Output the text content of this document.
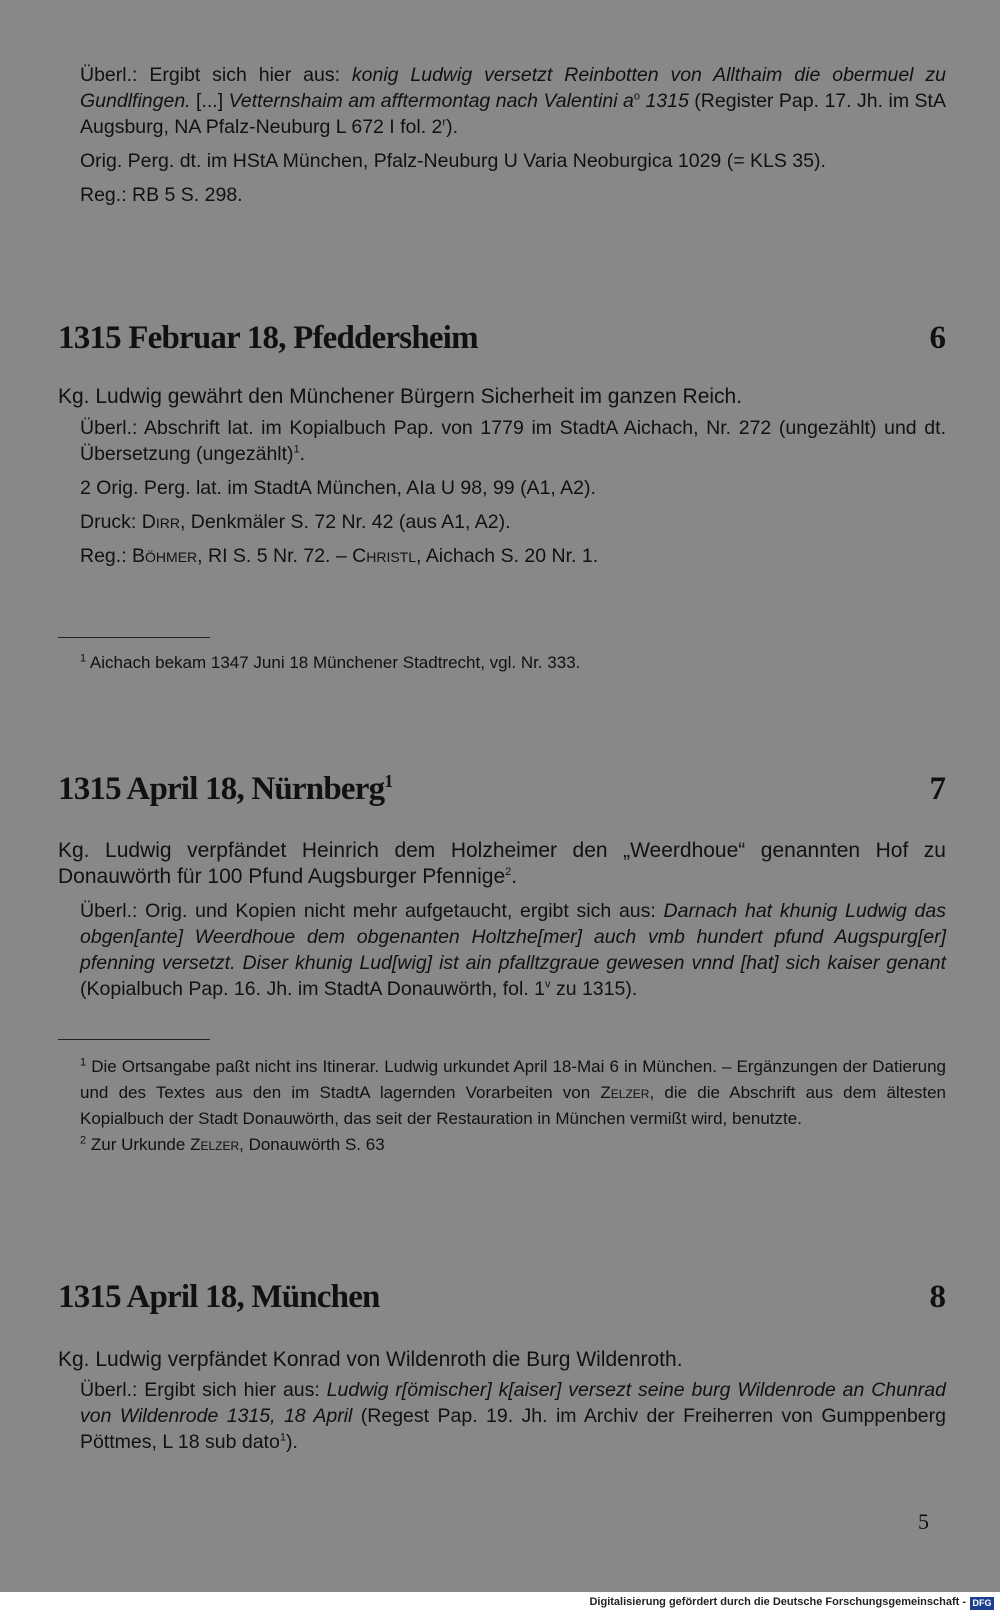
Überl.: Ergibt sich hier aus: konig Ludwig versetzt Reinbotten von Allthaim die obermuel zu Gundlfingen. [...] Vetternshaim am afftermontag nach Valentini $a^o$ 1315 (Register Pap. 17. Jh. im StA Augsburg, NA Pfalz-Neuburg L 672 I fol. 2$^r$).

Orig. Perg. dt. im HStA München, Pfalz-Neuburg U Varia Neoburgica 1029 (= KLS 35).

Reg.: RB 5 S. 298.

1315 Februar 18, Pfeddersheim	6

Kg. Ludwig gewährt den Münchener Bürgern Sicherheit im ganzen Reich.

Überl.: Abschrift lat. im Kopialbuch Pap. von 1779 im StadtA Aichach, Nr. 272 (ungezählt) und dt. Übersetzung (ungezählt)$^1$.

2 Orig. Perg. lat. im StadtA München, AIa U 98, 99 (A1, A2).

Druck: Dirr, Denkmäler S. 72 Nr. 42 (aus A1, A2).

Reg.: Böhmer, RI S. 5 Nr. 72. – Christl, Aichach S. 20 Nr. 1.

$^1$ Aichach bekam 1347 Juni 18 Münchener Stadtrecht, vgl. Nr. 333.

1315 April 18, Nürnberg$^1$	7

Kg. Ludwig verpfändet Heinrich dem Holzheimer den „Weerdhoue“ genannten Hof zu Donauwörth für 100 Pfund Augsburger Pfennige$^2$.

Überl.: Orig. und Kopien nicht mehr aufgetaucht, ergibt sich aus: Darnach hat khunig Ludwig das obgen[ante] Weerdhoue dem obgenanten Holtzhe[mer] auch vmb hundert pfund Augspurg[er] pfenning versetzt. Diser khunig Lud[wig] ist ain pfalltzgraue gewesen vnnd [hat] sich kaiser genant (Kopialbuch Pap. 16. Jh. im StadtA Donauwörth, fol. 1$^v$ zu 1315).

$^1$ Die Ortsangabe paßt nicht ins Itinerar. Ludwig urkundet April 18-Mai 6 in München. – Ergänzungen der Datierung und des Textes aus den im StadtA lagernden Vorarbeiten von Zelzer, die die Abschrift aus dem ältesten Kopialbuch der Stadt Donauwörth, das seit der Restauration in München vermißt wird, benutzte.

$^2$ Zur Urkunde Zelzer, Donauwörth S. 63

1315 April 18, München	8

Kg. Ludwig verpfändet Konrad von Wildenroth die Burg Wildenroth.

Überl.: Ergibt sich hier aus: Ludwig r[ömischer] k[aiser] versezt seine burg Wildenrode an Chunrad von Wildenrode 1315, 18 April (Regest Pap. 19. Jh. im Archiv der Freiherren von Gumppenberg Pöttmes, L 18 sub dato$^1$).

5
Digitalisierung gefördert durch die Deutsche Forschungsgemeinschaft - DFG
